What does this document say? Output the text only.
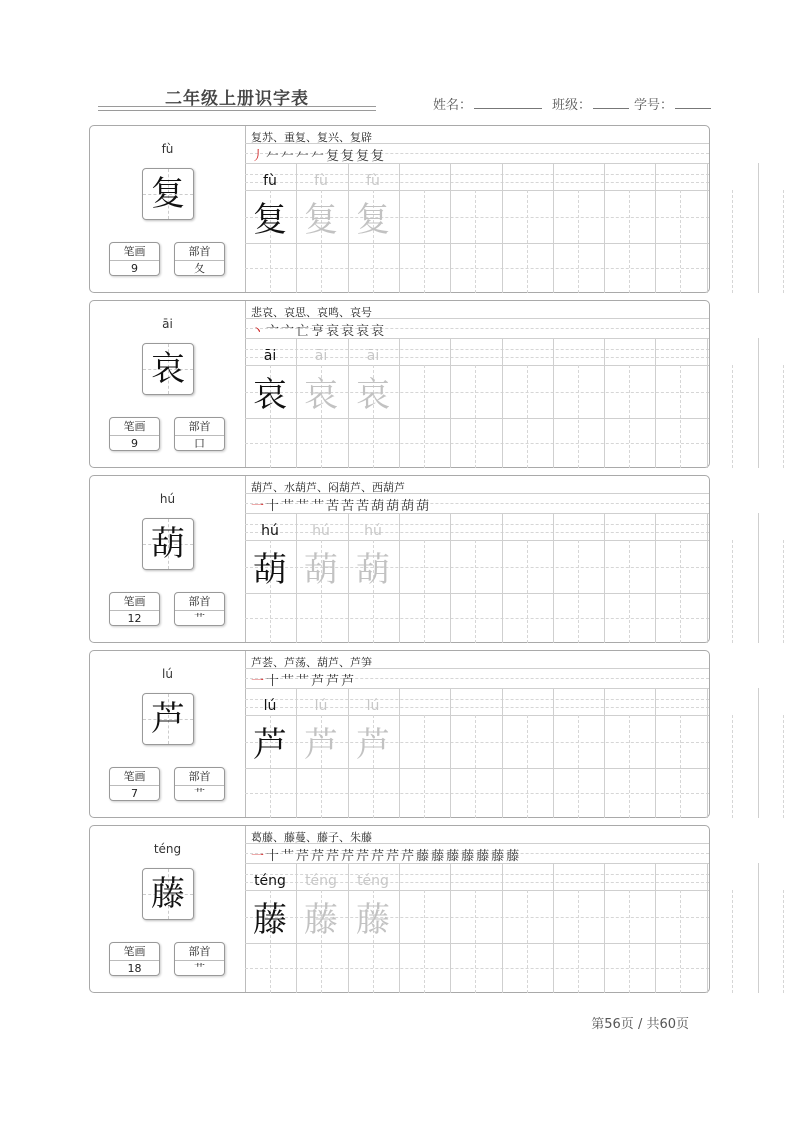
二年级上册识字表	姓名：	班级：	学号：
fù
复
笔画
9
部首
夂
复苏、重复、复兴、复辟
丿𠂉𠂉𠂉𠂉复复复复
fù
复
fù
复
fù
复
āi
哀
笔画
9
部首
口
悲哀、哀思、哀鸣、哀号
丶亠亠亡亨哀哀哀哀
āi
哀
āi
哀
āi
哀
hú
葫
笔画
12
部首
艹
葫芦、水葫芦、闷葫芦、西葫芦
一十艹艹艹苦苦苦葫葫葫葫
hú
葫
hú
葫
hú
葫
lú
芦
笔画
7
部首
艹
芦荟、芦荡、葫芦、芦笋
一十艹艹芦芦芦
lú
芦
lú
芦
lú
芦
téng
藤
笔画
18
部首
艹
葛藤、藤蔓、藤子、朱藤
一十艹芹芹芹芹芹芹芹芹藤藤藤藤藤藤藤
téng
藤
téng
藤
téng
藤
第56页 / 共60页
